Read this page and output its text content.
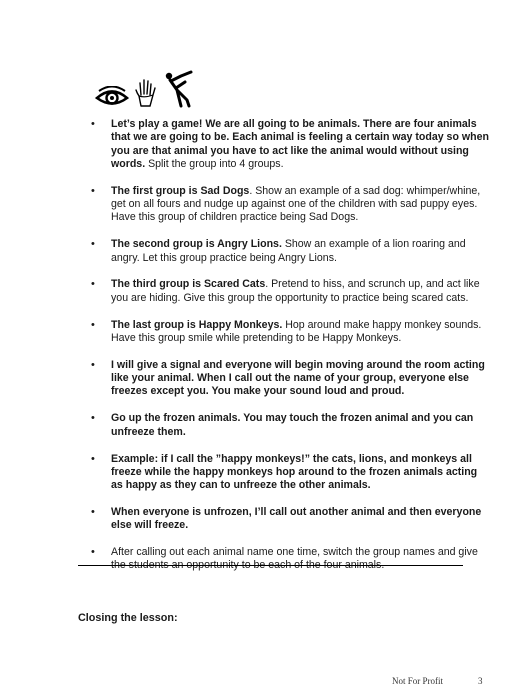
• Let’s play a game! We are all going to be animals. There are four animals that we are going to be. Each animal is feeling a certain way today so when you are that animal you have to act like the animal would without using words. Split the group into 4 groups.
• The first group is Sad Dogs. Show an example of a sad dog: whimper/whine, get on all fours and nudge up against one of the children with sad puppy eyes. Have this group of children practice being Sad Dogs.
• The second group is Angry Lions. Show an example of a lion roaring and angry. Let this group practice being Angry Lions.
• The third group is Scared Cats. Pretend to hiss, and scrunch up, and act like you are hiding. Give this group the opportunity to practice being scared cats.
• The last group is Happy Monkeys. Hop around make happy monkey sounds. Have this group smile while pretending to be Happy Monkeys.
• I will give a signal and everyone will begin moving around the room acting like your animal. When I call out the name of your group, everyone else freezes except you. You make your sound loud and proud.
• Go up the frozen animals. You may touch the frozen animal and you can unfreeze them.
• Example: if I call the ”happy monkeys!” the cats, lions, and monkeys all freeze while the happy monkeys hop around to the frozen animals acting as happy as they can to unfreeze the other animals.
• When everyone is unfrozen, I’ll call out another animal and then everyone else will freeze.
• After calling out each animal name one time, switch the group names and give the students an opportunity to be each of the four animals.
Closing the lesson:
Not For Profit	3
